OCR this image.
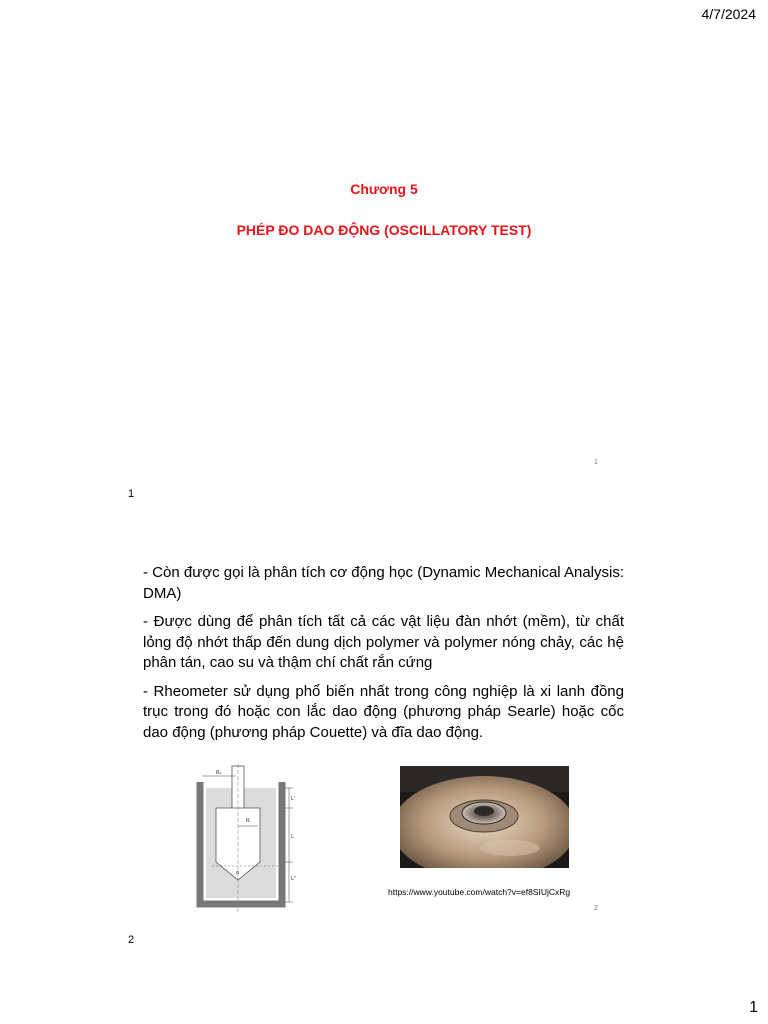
4/7/2024
Chương 5
PHÉP ĐO DAO ĐỘNG (OSCILLATORY TEST)
1
1

- Còn được gọi là phân tích cơ động học (Dynamic Mechanical Analysis: DMA)

- Được dùng để phân tích tất cả các vật liệu đàn nhớt (mềm), từ chất lỏng độ nhớt thấp đến dung dịch polymer và polymer nóng chảy, các hệ phân tán, cao su và thậm chí chất rắn cứng

- Rheometer sử dụng phổ biến nhất trong công nghiệp là xi lanh đồng trục trong đó hoặc con lắc dao động (phương pháp Searle) hoặc cốc dao động (phương pháp Couette) và đĩa dao động.

Rₑ
Rᵢ
L'
L
L''
α
https://www.youtube.com/watch?v=ef8SIUjCxRg
2
2
1
